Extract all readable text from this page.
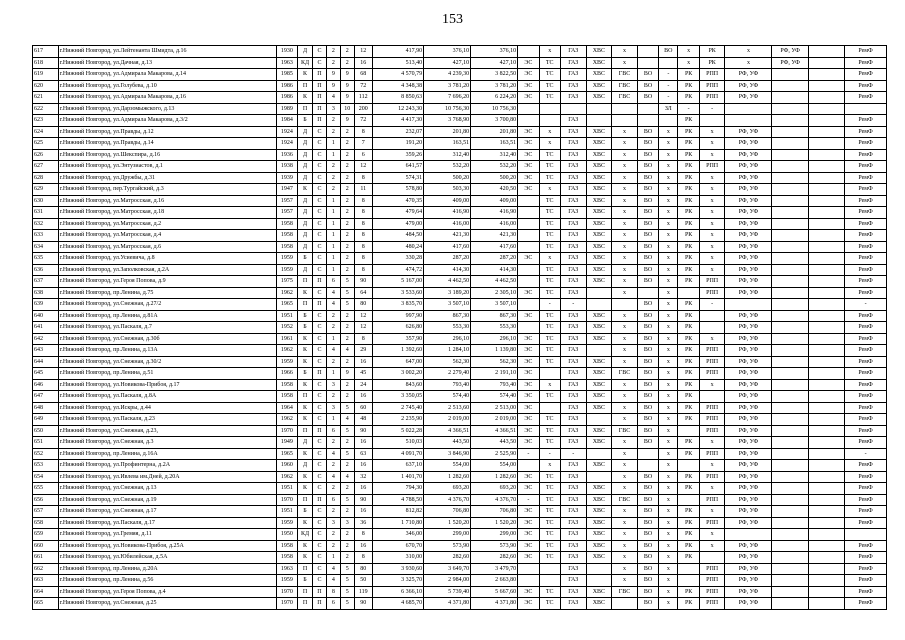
153
617	г.Нижний Новгород, ул.Лейтенанта Шмидта, д.16	1930	Д	С	2	2	12	417,90	376,10	376,10		х	ГАЗ	ХВС	х		ВО	х	РК	х	РФ, УФ		РемФ
618	г.Нижний Новгород, ул.Дачная, д.13	1963	КД	С	2	2	16	513,40	427,10	427,10	ЭС	ТС	ГАЗ	ХВС	х			х	РК	х	РФ, УФ		РемФ
619	г.Нижний Новгород, ул.Адмирала Макарова, д.14	1985	К	П	9	9	68	4 570,79	4 239,30	3 822,50	ЭС	ТС	ГАЗ	ХВС	ГВС	ВО	-	РК	РПП	РФ, УФ			РемФ
620	г.Нижний Новгород, ул.Голубева, д.10	1986	П	П	9	9	72	4 348,38	3 781,20	3 781,20	ЭС	ТС	ГАЗ	ХВС	ГВС	ВО	-	РК	РПП	РФ, УФ			РемФ
621	г.Нижний Новгород, ул.Адмирала Макарова, д.16	1986	К	П	4	9	112	8 850,63	7 696,20	6 224,20	ЭС	ТС	ГАЗ	ХВС	ГВС	ВО	-	РК	РПП	РФ, УФ			РемФ
622	г.Нижний Новгород, ул.Дарзомыжского, д.13	1989	П	П	3	10	200	12 243,30	10 756,30	10 756,30							ЗЛ	-	-				
623	г.Нижний Новгород, ул.Адмирала Макарова, д.3/2	1984	Б	П	2	9	72	4 417,30	3 768,90	3 700,80			ГАЗ					РК					РемФ
624	г.Нижний Новгород, ул.Правды, д.12	1924	Д	С	2	2	8	232,07	201,80	201,80	ЭС	х	ГАЗ	ХВС	х	ВО	х	РК	х	РФ, УФ			РемФ
625	г.Нижний Новгород, ул.Правды, д.14	1924	Д	С	1	2	7	191,20	163,51	163,51	ЭС	х	ГАЗ	ХВС	х	ВО	х	РК	х	РФ, УФ			РемФ
626	г.Нижний Новгород, ул.Шекспира, д.16	1936	Д	С	1	2	6	359,26	312,40	312,40	ЭС	ТС	ГАЗ	ХВС	х	ВО	х	РК	х	РФ, УФ			РемФ
627	г.Нижний Новгород, ул.Энтузиастов, д.1	1938	Д	С	2	2	12	641,57	532,20	532,20	ЭС	ТС	ГАЗ	ХВС	х	ВО	х	РК	РПП	РФ, УФ			РемФ
628	г.Нижний Новгород, ул.Дружбы, д.31	1939	Д	С	2	2	8	574,31	500,20	500,20	ЭС	ТС	ГАЗ	ХВС	х	ВО	х	РК	х	РФ, УФ			РемФ
629	г.Нижний Новгород, пер.Тургайский, д.3	1947	К	С	2	2	11	578,80	503,30	420,50	ЭС	х	ГАЗ	ХВС	х	ВО	х	РК	х	РФ, УФ			РемФ
630	г.Нижний Новгород, ул.Матросская, д.16	1957	Д	С	1	2	8	470,35	409,00	409,00		ТС	ГАЗ	ХВС	х	ВО	х	РК	х	РФ, УФ			РемФ
631	г.Нижний Новгород, ул.Матросская, д.18	1957	Д	С	1	2	8	479,64	416,90	416,90		ТС	ГАЗ	ХВС	х	ВО	х	РК	х	РФ, УФ			РемФ
632	г.Нижний Новгород, ул.Матросская, д.2	1958	Д	С	1	2	8	479,00	416,00	416,00		ТС	ГАЗ	ХВС	х	ВО	х	РК	х	РФ, УФ			РемФ
633	г.Нижний Новгород, ул.Матросская, д.4	1958	Д	С	1	2	8	484,50	421,30	421,30		ТС	ГАЗ	ХВС	х	ВО	х	РК	х	РФ, УФ			РемФ
634	г.Нижний Новгород, ул.Матросская, д.6	1958	Д	С	1	2	8	480,24	417,60	417,60		ТС	ГАЗ	ХВС	х	ВО	х	РК	х	РФ, УФ			РемФ
635	г.Нижний Новгород, ул.Усиевича, д.8	1959	Б	С	1	2	8	330,28	287,20	287,20	ЭС	х	ГАЗ	ХВС	х	ВО	х	РК	х	РФ, УФ			РемФ
636	г.Нижний Новгород, ул.Заполковская, д.2А	1959	Д	С	1	2	8	474,72	414,30	414,30		ТС	ГАЗ	ХВС	х	ВО	х	РК	х	РФ, УФ			РемФ
637	г.Нижний Новгород, ул.Героя Попова, д.9	1975	П	П	6	5	90	5 167,00	4 462,50	4 462,50		ТС	ГАЗ	ХВС	х	ВО	х	РК	РПП	РФ, УФ			РемФ
638	г.Нижний Новгород, пр.Ленина, д.75	1962	К	С	4	5	64	3 533,60	3 189,20	2 305,10	ЭС	ТС	ГАЗ		х		х		РПП	РФ, УФ			РемФ
639	г.Нижний Новгород, ул.Снежная, д.27/2	1965	П	П	4	5	80	3 835,70	3 507,10	3 507,10		-	-			ВО	х	РК	-				-
640	г.Нижний Новгород, пр.Ленина, д.81А	1951	Б	С	2	2	12	997,90	867,30	867,30	ЭС	ТС	ГАЗ	ХВС	х	ВО	х	РК		РФ, УФ			РемФ
641	г.Нижний Новгород, ул.Паскаля, д.7	1952	Б	С	2	2	12	626,80	553,30	553,30		ТС	ГАЗ	ХВС	х	ВО	х	РК		РФ, УФ			РемФ
642	г.Нижний Новгород, ул.Снежная, д.30б	1961	К	С	1	2	8	357,90	296,10	296,10	ЭС	ТС	ГАЗ	ХВС	х	ВО	х	РК	х	РФ, УФ			РемФ
643	г.Нижний Новгород, пр.Ленина, д.13А	1962	К	С	4	4	29	1 392,60	1 284,10	1 139,80	ЭС	ТС	ГАЗ		х	ВО	х	РК	РПП	РФ, УФ			РемФ
644	г.Нижний Новгород, ул.Снежная, д.30/2	1959	К	С	2	2	16	647,00	562,30	562,30	ЭС	ТС	ГАЗ	ХВС	х	ВО	х	РК	РПП	РФ, УФ			РемФ
645	г.Нижний Новгород, пр.Ленина, д.51	1966	Б	П	1	9	45	3 002,20	2 279,40	2 191,10	ЭС		ГАЗ	ХВС	ГВС	ВО	х	РК	РПП	РФ, УФ			РемФ
646	г.Нижний Новгород, ул.Новикова-Прибоя, д.17	1958	К	С	3	2	24	843,60	793,40	793,40	ЭС	х	ГАЗ	ХВС	х	ВО	х	РК	х	РФ, УФ			РемФ
647	г.Нижний Новгород, ул.Паскаля, д.8А	1958	П	С	2	2	16	3 350,05	574,40	574,40	ЭС	ТС	ГАЗ	ХВС	х	ВО	х	РК		РФ, УФ			РемФ
648	г.Нижний Новгород, ул.Искры, д.44	1964	К	С	3	5	60	2 745,40	2 513,60	2 513,00	ЭС		ГАЗ	ХВС	х	ВО	х	РК	РПП	РФ, УФ			РемФ
649	г.Нижний Новгород, ул.Паскаля, д.23	1962	К	С	1	4	48	2 235,90	2 019,00	2 019,00	ЭС	ТС	ГАЗ		х	ВО	х	РК	РПП	РФ, УФ			РемФ
650	г.Нижний Новгород, ул.Снежная, д.23,	1970	П	П	6	5	90	5 022,28	4 366,51	4 366,51	ЭС	ТС	ГАЗ	ХВС	ГВС	ВО	х		РПП	РФ, УФ			РемФ
651	г.Нижний Новгород, ул.Снежная, д.3	1949	Д	С	2	2	16	510,03	443,50	443,50	ЭС	ТС	ГАЗ	ХВС	х	ВО	х	РК	х	РФ, УФ			РемФ
652	г.Нижний Новгород, пр.Ленина, д.16А	1965	К	С	4	5	63	4 091,70	3 846,90	2 525,90	-	-	-		х		х	РК	РПП	РФ, УФ			-
653	г.Нижний Новгород, ул.Профинтерна, д.2А	1960	Д	С	2	2	16	637,10	554,00	554,00		х	ГАЗ	ХВС	х		х		х	РФ, УФ			РемФ
654	г.Нижний Новгород, ул.Ивлева им.Дней, д.20А	1962	К	С	4	4	32	1 401,70	1 282,60	1 282,60	ЭС	ТС	ГАЗ		х	ВО	х	РК	РПП	РФ, УФ			РемФ
655	г.Нижний Новгород, ул.Снежная, д.13	1951	К	С	2	2	16	794,30	693,20	693,20	ЭС	ТС	ГАЗ	ХВС	х	ВО	х	РК	х	РФ, УФ			РемФ
656	г.Нижний Новгород, ул.Снежная, д.19	1970	П	П	6	5	90	4 788,50	4 376,70	4 376,70	-	ТС	ГАЗ	ХВС	ГВС	ВО	х		РПП	РФ, УФ			РемФ
657	г.Нижний Новгород, ул.Снежная, д.17	1951	Б	С	2	2	16	812,82	706,80	706,80	ЭС	ТС	ГАЗ	ХВС	х	ВО	х	РК	х	РФ, УФ			РемФ
658	г.Нижний Новгород, ул.Паскаля, д.17	1959	К	С	3	3	36	1 710,80	1 520,20	1 520,20	ЭС	ТС	ГАЗ	ХВС	х	ВО	х	РК	РПП	РФ, УФ			РемФ
659	г.Нижний Новгород, ул.Гремяя, д.11	1950	КД	С	2	2	8	346,00	299,00	299,00	ЭС	ТС	ГАЗ	ХВС	х	ВО	х	РК	х				
660	г.Нижний Новгород, ул.Новикова-Прибоя, д.25А	1958	К	С	2	2	16	670,70	573,90	573,90	ЭС	ТС	ГАЗ	ХВС	х	ВО	х	РК	х	РФ, УФ			РемФ
661	г.Нижний Новгород, ул.Юбилейская, д.5А	1958	К	С	1	2	8	310,00	282,60	282,60	ЭС	ТС	ГАЗ	ХВС	х	ВО	х	РК		РФ, УФ			РемФ
662	г.Нижний Новгород, пр.Ленина, д.20А	1963	П	С	4	5	80	3 930,60	3 649,70	3 479,70			ГАЗ		х	ВО	х		РПП	РФ, УФ			РемФ
663	г.Нижний Новгород, пр.Ленина, д.56	1959	Б	С	4	5	50	3 325,70	2 984,00	2 663,80			ГАЗ		х	ВО	х		РПП	РФ, УФ			РемФ
664	г.Нижний Новгород, ул.Героя Попова, д.4	1970	П	П	8	5	119	6 366,10	5 739,40	5 667,60	ЭС	ТС	ГАЗ	ХВС	ГВС	ВО	х	РК	РПП	РФ, УФ			РемФ
665	г.Нижний Новгород, ул.Снежная, д.25	1970	П	П	6	5	90	4 685,70	4 371,80	4 371,80	ЭС	ТС	ГАЗ	ХВС		ВО	х	РК	РПП	РФ, УФ			РемФ
